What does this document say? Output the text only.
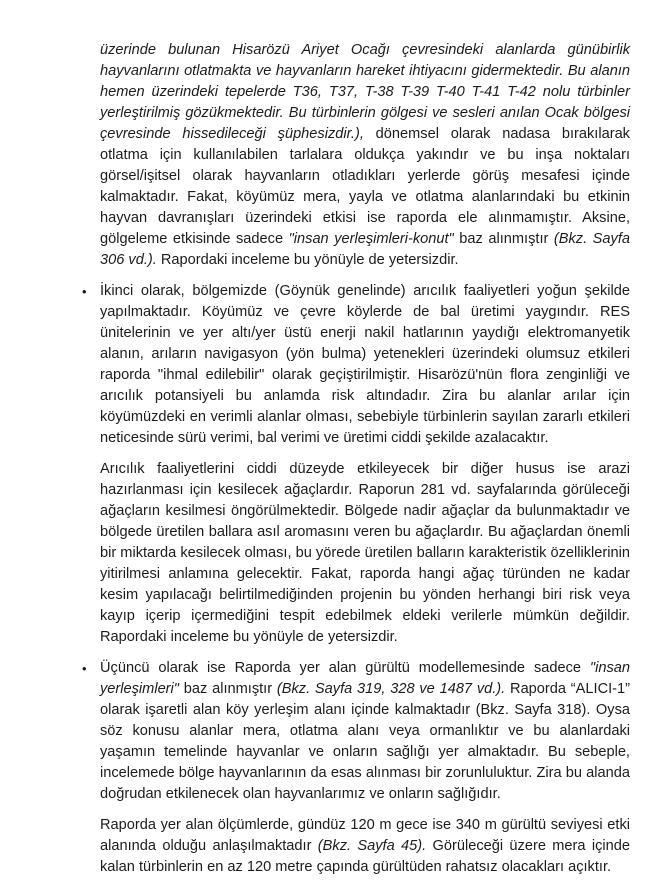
üzerinde bulunan Hisarözü Ariyet Ocağı çevresindeki alanlarda günübirlik hayvanlarını otlatmakta ve hayvanların hareket ihtiyacını gidermektedir. Bu alanın hemen üzerindeki tepelerde T36, T37, T-38 T-39 T-40 T-41 T-42 nolu türbinler yerleştirilmiş gözükmektedir. Bu türbinlerin gölgesi ve sesleri anılan Ocak bölgesi çevresinde hissedileceği şüphesizdir.), dönemsel olarak nadasa bırakılarak otlatma için kullanılabilen tarlalara oldukça yakındır ve bu inşa noktaları görsel/işitsel olarak hayvanların otladıkları yerlerde görüş mesafesi içinde kalmaktadır. Fakat, köyümüz mera, yayla ve otlatma alanlarındaki bu etkinin hayvan davranışları üzerindeki etkisi ise raporda ele alınmamıştır. Aksine, gölgeleme etkisinde sadece "insan yerleşimleri-konut" baz alınmıştır (Bkz. Sayfa 306 vd.). Rapordaki inceleme bu yönüyle de yetersizdir.
• İkinci olarak, bölgemizde (Göynük genelinde) arıcılık faaliyetleri yoğun şekilde yapılmaktadır. Köyümüz ve çevre köylerde de bal üretimi yaygındır. RES ünitelerinin ve yer altı/yer üstü enerji nakil hatlarının yaydığı elektromanyetik alanın, arıların navigasyon (yön bulma) yetenekleri üzerindeki olumsuz etkileri raporda "ihmal edilebilir" olarak geçiştirilmiştir. Hisarözü'nün flora zenginliği ve arıcılık potansiyeli bu anlamda risk altındadır. Zira bu alanlar arılar için köyümüzdeki en verimli alanlar olması, sebebiyle türbinlerin sayılan zararlı etkileri neticesinde sürü verimi, bal verimi ve üretimi ciddi şekilde azalacaktır.
Arıcılık faaliyetlerini ciddi düzeyde etkileyecek bir diğer husus ise arazi hazırlanması için kesilecek ağaçlardır. Raporun 281 vd. sayfalarında görüleceği ağaçların kesilmesi öngörülmektedir. Bölgede nadir ağaçlar da bulunmaktadır ve bölgede üretilen ballara asıl aromasını veren bu ağaçlardır. Bu ağaçlardan önemli bir miktarda kesilecek olması, bu yörede üretilen balların karakteristik özelliklerinin yitirilmesi anlamına gelecektir. Fakat, raporda hangi ağaç türünden ne kadar kesim yapılacağı belirtilmediğinden projenin bu yönden herhangi biri risk veya kayıp içerip içermediğini tespit edebilmek eldeki verilerle mümkün değildir. Rapordaki inceleme bu yönüyle de yetersizdir.
• Üçüncü olarak ise Raporda yer alan gürültü modellemesinde sadece "insan yerleşimleri" baz alınmıştır (Bkz. Sayfa 319, 328 ve 1487 vd.). Raporda “ALICI-1” olarak işaretli alan köy yerleşim alanı içinde kalmaktadır (Bkz. Sayfa 318). Oysa söz konusu alanlar mera, otlatma alanı veya ormanlıktır ve bu alanlardaki yaşamın temelinde hayvanlar ve onların sağlığı yer almaktadır. Bu sebeple, incelemede bölge hayvanlarının da esas alınması bir zorunluluktur. Zira bu alanda doğrudan etkilenecek olan hayvanlarımız ve onların sağlığıdır.
Raporda yer alan ölçümlerde, gündüz 120 m gece ise 340 m gürültü seviyesi etki alanında olduğu anlaşılmaktadır (Bkz. Sayfa 45). Görüleceği üzere mera içinde kalan türbinlerin en az 120 metre çapında gürültüden rahatsız olacakları açıktır.
